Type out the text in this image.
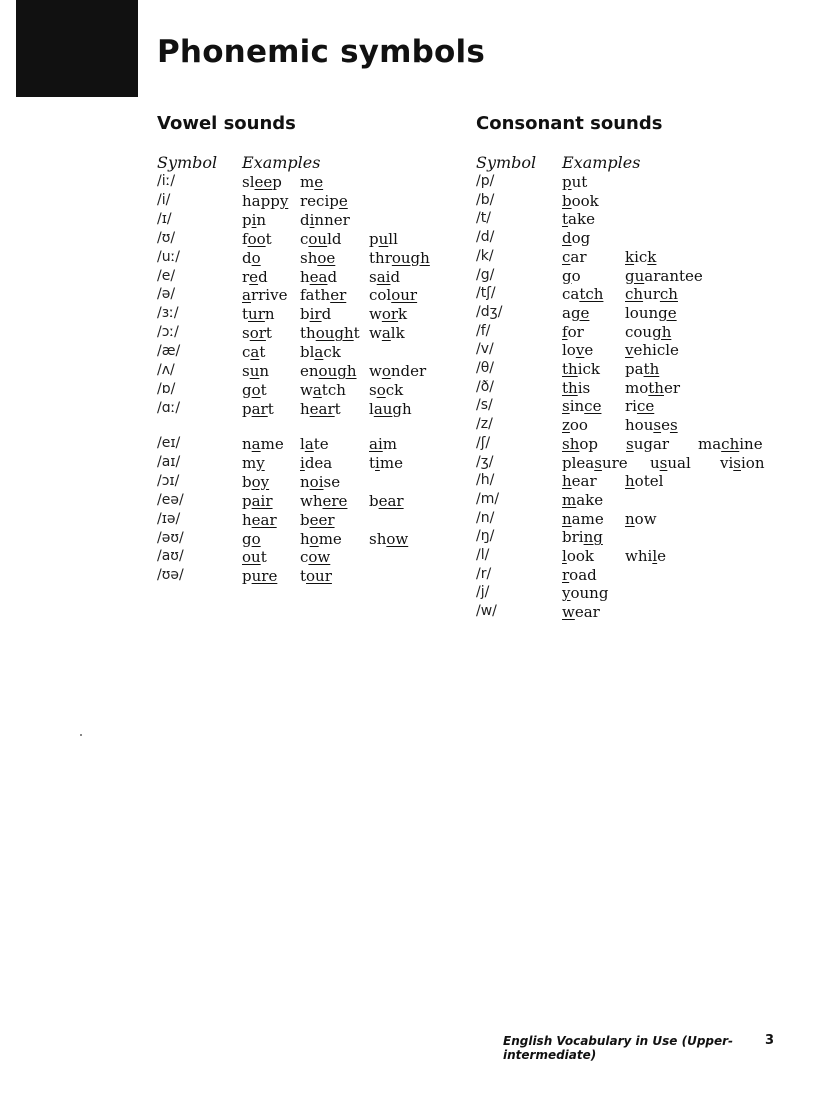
Phonemic symbols
Vowel sounds	Consonant sounds
Symbol Examples	Symbol Examples
/iː/	sleep me
/i/	happy recipe
/ɪ/	pin dinner
/ʊ/	foot could pull
/uː/	do	shoe through
/e/	red head said
/ə/	arrive father colour
/ɜː/	turn bird	work
/ɔː/	sort thought walk
/æ/	cat black
/ʌ/	sun enough wonder
/ɒ/	got watch sock
/ɑː/	part heart laugh
/eɪ/	name late	aim
/aɪ/	my idea time
/ɔɪ/	boy noise
/eə/	pair where bear
/ɪə/	hear beer
/əʊ/	go	home show
/aʊ/	out cow
/ʊə/	pure tour
/p/	put
/b/	book
/t/	take
/d/	dog
/k/	car	kick
/g/	go	guarantee
/tʃ/	catch church
/dʒ/	age lounge
/f/	for	cough
/v/	love vehicle
/θ/	thick path
/ð/	this mother
/s/	since rice
/z/	zoo houses
/ʃ/	shop sugar machine
/ʒ/	pleasure usual vision
/h/	hear hotel
/m/	make
/n/	name now
/ŋ/	bring
/l/	look while
/r/	road
/j/	young
/w/	wear
English Vocabulary in Use (Upper-intermediate)
3
